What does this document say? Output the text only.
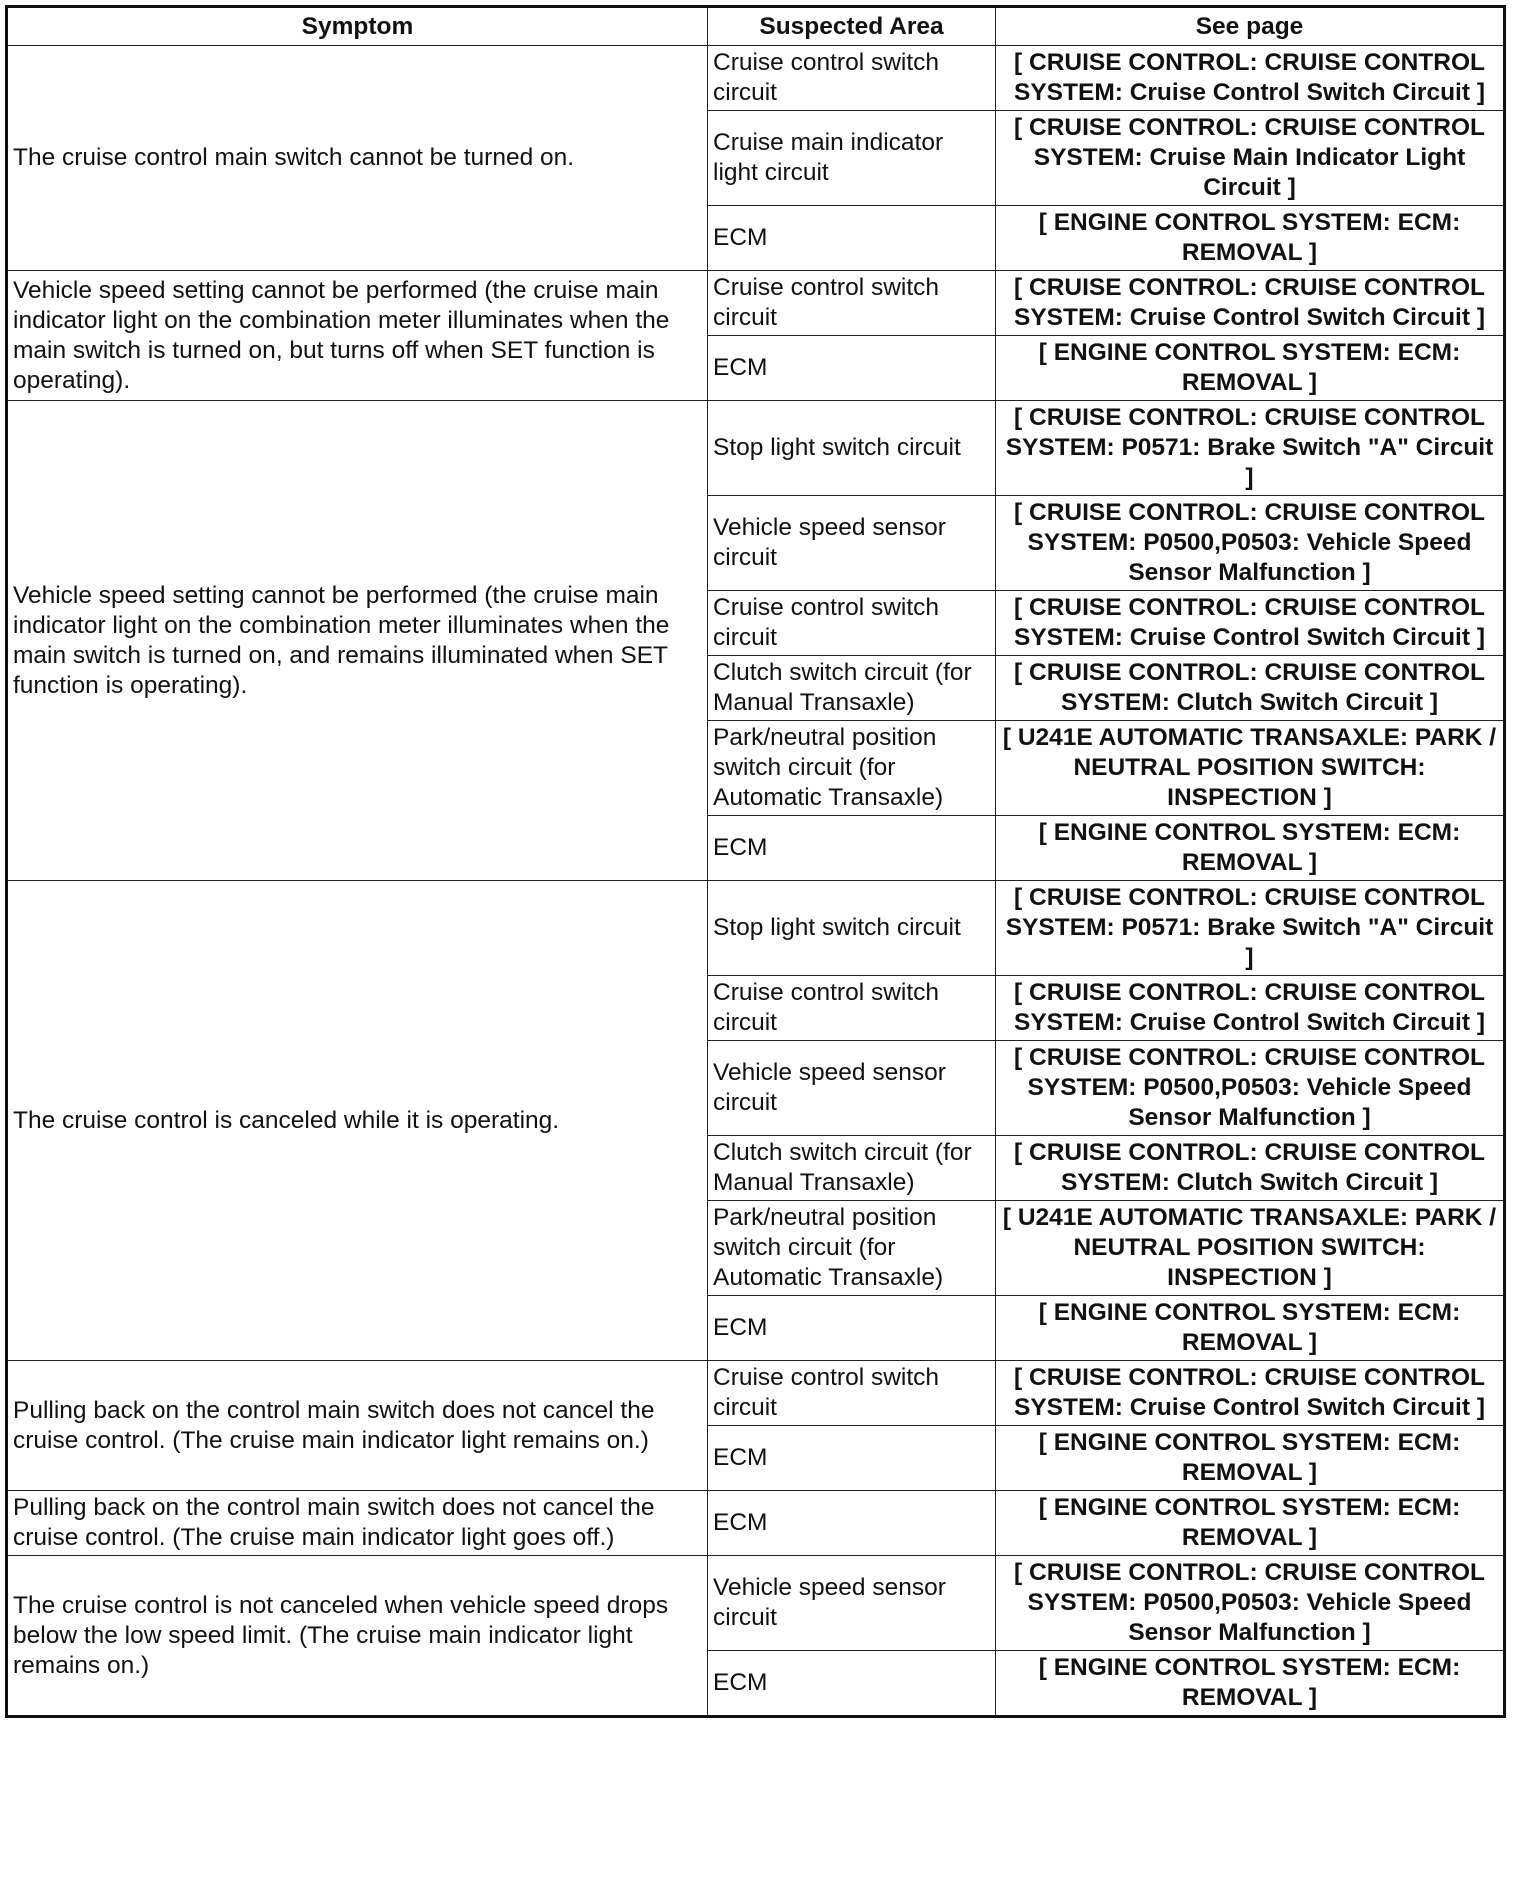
Symptom	Suspected Area	See page
The cruise control main switch cannot be turned on.	Cruise control switch circuit	[ CRUISE CONTROL: CRUISE CONTROL SYSTEM: Cruise Control Switch Circuit ]
	Cruise main indicator light circuit	[ CRUISE CONTROL: CRUISE CONTROL SYSTEM: Cruise Main Indicator Light Circuit ]
	ECM	[ ENGINE CONTROL SYSTEM: ECM: REMOVAL ]
Vehicle speed setting cannot be performed (the cruise main indicator light on the combination meter illuminates when the main switch is turned on, but turns off when SET function is operating).	Cruise control switch circuit	[ CRUISE CONTROL: CRUISE CONTROL SYSTEM: Cruise Control Switch Circuit ]
	ECM	[ ENGINE CONTROL SYSTEM: ECM: REMOVAL ]
Vehicle speed setting cannot be performed (the cruise main indicator light on the combination meter illuminates when the main switch is turned on, and remains illuminated when SET function is operating).	Stop light switch circuit	[ CRUISE CONTROL: CRUISE CONTROL SYSTEM: P0571: Brake Switch "A" Circuit ]
	Vehicle speed sensor circuit	[ CRUISE CONTROL: CRUISE CONTROL SYSTEM: P0500,P0503: Vehicle Speed Sensor Malfunction ]
	Cruise control switch circuit	[ CRUISE CONTROL: CRUISE CONTROL SYSTEM: Cruise Control Switch Circuit ]
	Clutch switch circuit (for Manual Transaxle)	[ CRUISE CONTROL: CRUISE CONTROL SYSTEM: Clutch Switch Circuit ]
	Park/neutral position switch circuit (for Automatic Transaxle)	[ U241E AUTOMATIC TRANSAXLE: PARK / NEUTRAL POSITION SWITCH: INSPECTION ]
	ECM	[ ENGINE CONTROL SYSTEM: ECM: REMOVAL ]
The cruise control is canceled while it is operating.	Stop light switch circuit	[ CRUISE CONTROL: CRUISE CONTROL SYSTEM: P0571: Brake Switch "A" Circuit ]
	Cruise control switch circuit	[ CRUISE CONTROL: CRUISE CONTROL SYSTEM: Cruise Control Switch Circuit ]
	Vehicle speed sensor circuit	[ CRUISE CONTROL: CRUISE CONTROL SYSTEM: P0500,P0503: Vehicle Speed Sensor Malfunction ]
	Clutch switch circuit (for Manual Transaxle)	[ CRUISE CONTROL: CRUISE CONTROL SYSTEM: Clutch Switch Circuit ]
	Park/neutral position switch circuit (for Automatic Transaxle)	[ U241E AUTOMATIC TRANSAXLE: PARK / NEUTRAL POSITION SWITCH: INSPECTION ]
	ECM	[ ENGINE CONTROL SYSTEM: ECM: REMOVAL ]
Pulling back on the control main switch does not cancel the cruise control. (The cruise main indicator light remains on.)	Cruise control switch circuit	[ CRUISE CONTROL: CRUISE CONTROL SYSTEM: Cruise Control Switch Circuit ]
	ECM	[ ENGINE CONTROL SYSTEM: ECM: REMOVAL ]
Pulling back on the control main switch does not cancel the cruise control. (The cruise main indicator light goes off.)	ECM	[ ENGINE CONTROL SYSTEM: ECM: REMOVAL ]
The cruise control is not canceled when vehicle speed drops below the low speed limit. (The cruise main indicator light remains on.)	Vehicle speed sensor circuit	[ CRUISE CONTROL: CRUISE CONTROL SYSTEM: P0500,P0503: Vehicle Speed Sensor Malfunction ]
	ECM	[ ENGINE CONTROL SYSTEM: ECM: REMOVAL ]
